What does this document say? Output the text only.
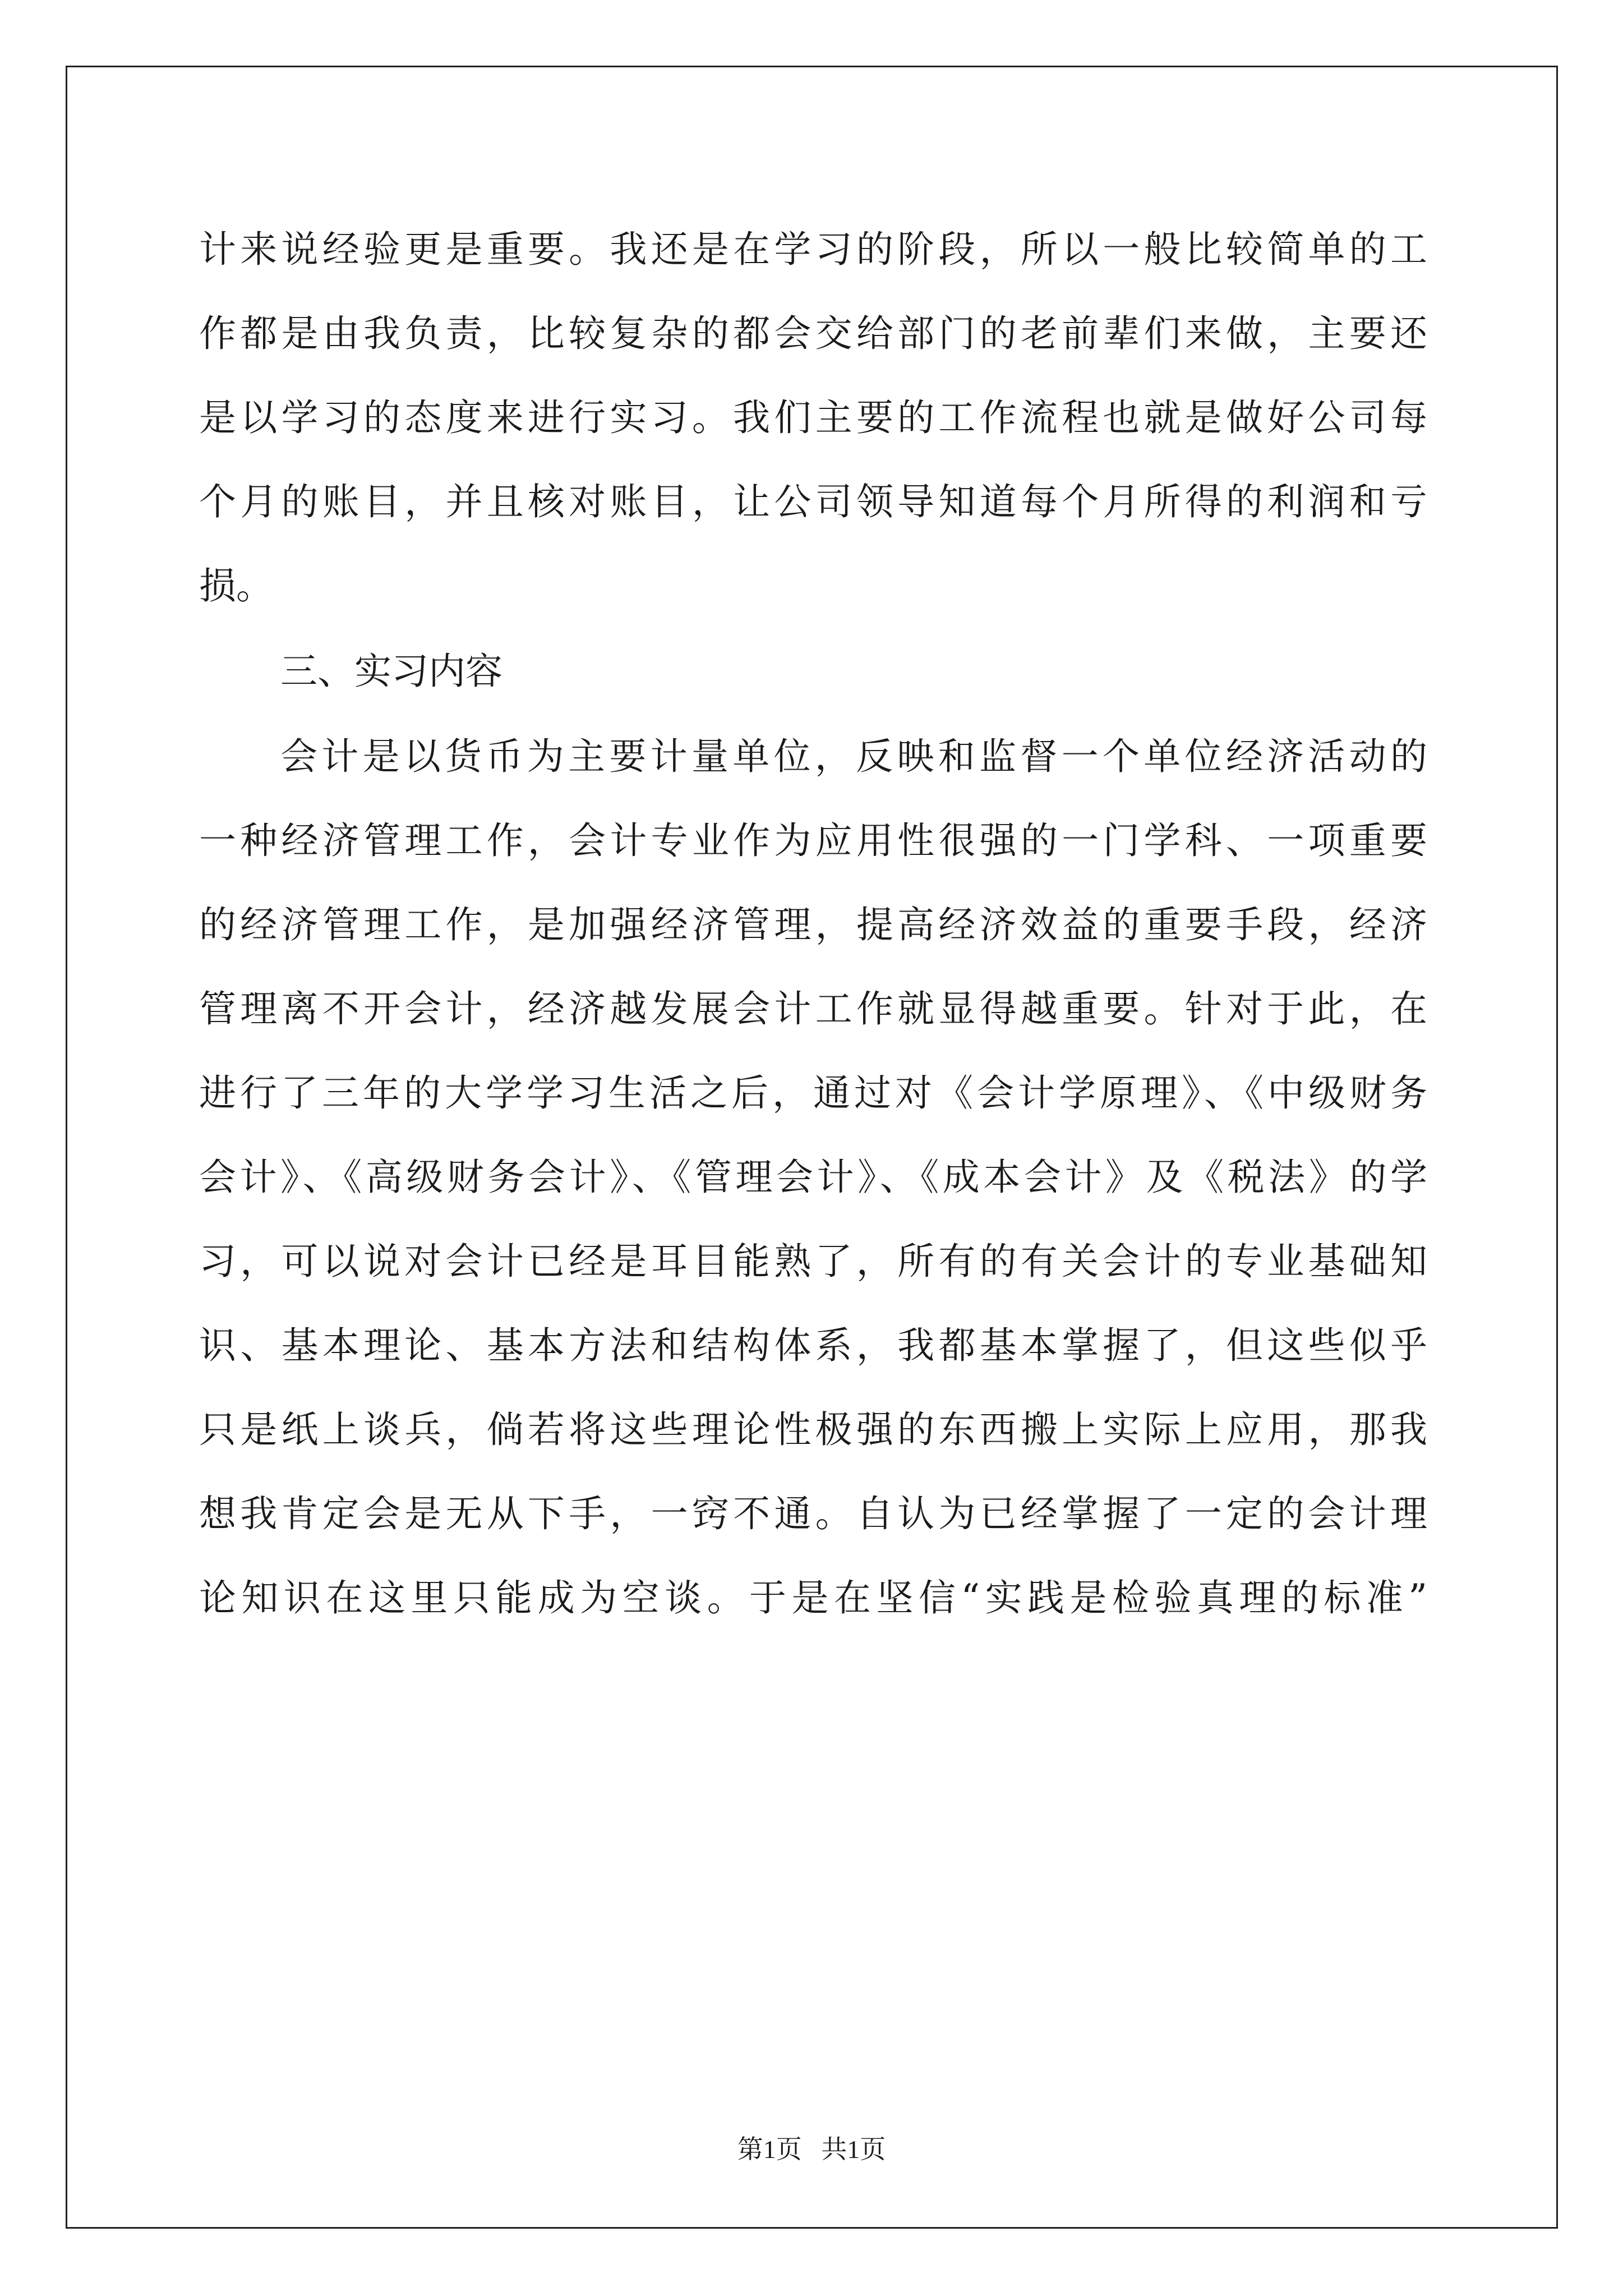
计来说经验更是重要。我还是在学习的阶段，所以一般比较简单的工

作都是由我负责，比较复杂的都会交给部门的老前辈们来做，主要还

是以学习的态度来进行实习。我们主要的工作流程也就是做好公司每

个月的账目，并且核对账目，让公司领导知道每个月所得的利润和亏

损。

三、实习内容

会计是以货币为主要计量单位，反映和监督一个单位经济活动的

一种经济管理工作，会计专业作为应用性很强的一门学科、一项重要

的经济管理工作，是加强经济管理，提高经济效益的重要手段，经济

管理离不开会计，经济越发展会计工作就显得越重要。针对于此，在

进行了三年的大学学习生活之后，通过对《会计学原理》、《中级财务

会计》、《高级财务会计》、《管理会计》、《成本会计》及《税法》的学

习，可以说对会计已经是耳目能熟了，所有的有关会计的专业基础知

识、基本理论、基本方法和结构体系，我都基本掌握了，但这些似乎

只是纸上谈兵，倘若将这些理论性极强的东西搬上实际上应用，那我

想我肯定会是无从下手，一窍不通。自认为已经掌握了一定的会计理

论知识在这里只能成为空谈。于是在坚信“实践是检验真理的标准”

第1页   共1页
